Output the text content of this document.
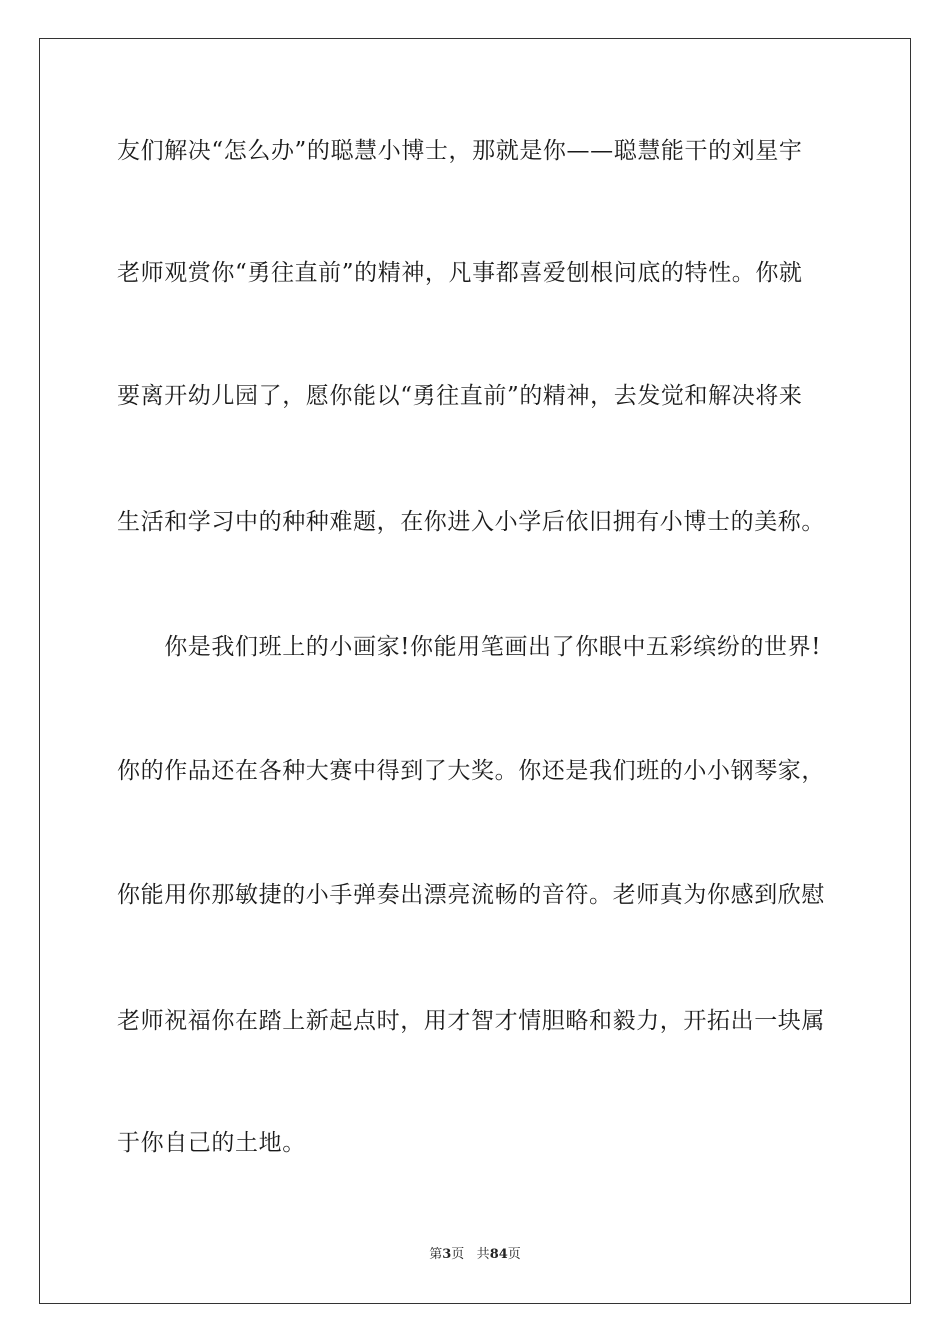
友们解决“怎么办”的聪慧小博士，那就是你——聪慧能干的刘星宇
老师观赏你“勇往直前”的精神，凡事都喜爱刨根问底的特性。你就
要离开幼儿园了，愿你能以“勇往直前”的精神，去发觉和解决将来
生活和学习中的种种难题，在你进入小学后依旧拥有小博士的美称。
　　你是我们班上的小画家!你能用笔画出了你眼中五彩缤纷的世界!
你的作品还在各种大赛中得到了大奖。你还是我们班的小小钢琴家，
你能用你那敏捷的小手弹奏出漂亮流畅的音符。老师真为你感到欣慰
老师祝福你在踏上新起点时，用才智才情胆略和毅力，开拓出一块属
于你自己的土地。
第3页 共84页
